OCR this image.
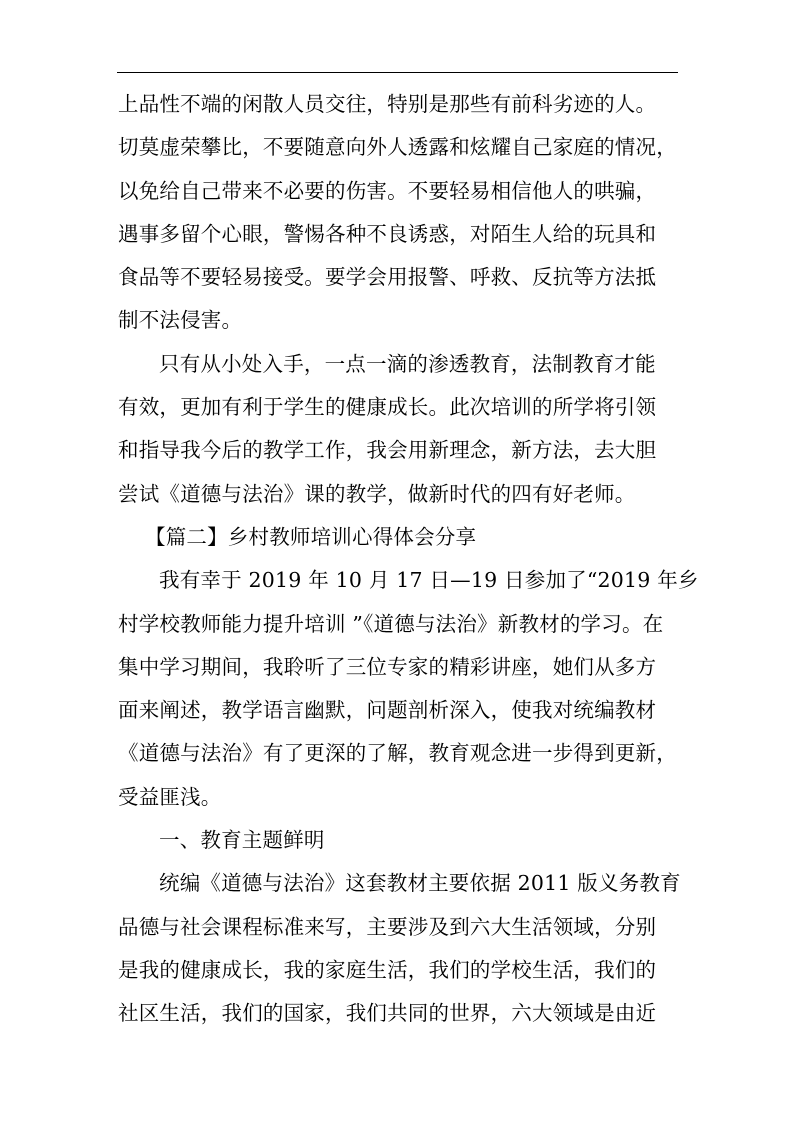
上品性不端的闲散人员交往，特别是那些有前科劣迹的人。
切莫虚荣攀比，不要随意向外人透露和炫耀自己家庭的情况，
以免给自己带来不必要的伤害。不要轻易相信他人的哄骗，
遇事多留个心眼，警惕各种不良诱惑，对陌生人给的玩具和
食品等不要轻易接受。要学会用报警、呼救、反抗等方法抵
制不法侵害。
只有从小处入手，一点一滴的渗透教育，法制教育才能
有效，更加有利于学生的健康成长。此次培训的所学将引领
和指导我今后的教学工作，我会用新理念，新方法，去大胆
尝试《道德与法治》课的教学，做新时代的四有好老师。
【篇二】乡村教师培训心得体会分享
我有幸于 2019 年 10 月 17 日—19 日参加了“2019 年乡
村学校教师能力提升培训 ”《道德与法治》新教材的学习。在
集中学习期间，我聆听了三位专家的精彩讲座，她们从多方
面来阐述，教学语言幽默，问题剖析深入，使我对统编教材
《道德与法治》有了更深的了解，教育观念进一步得到更新，
受益匪浅。
一、教育主题鲜明
统编《道德与法治》这套教材主要依据 2011 版义务教育
品德与社会课程标准来写，主要涉及到六大生活领域，分别
是我的健康成长，我的家庭生活，我们的学校生活，我们的
社区生活，我们的国家，我们共同的世界，六大领域是由近
